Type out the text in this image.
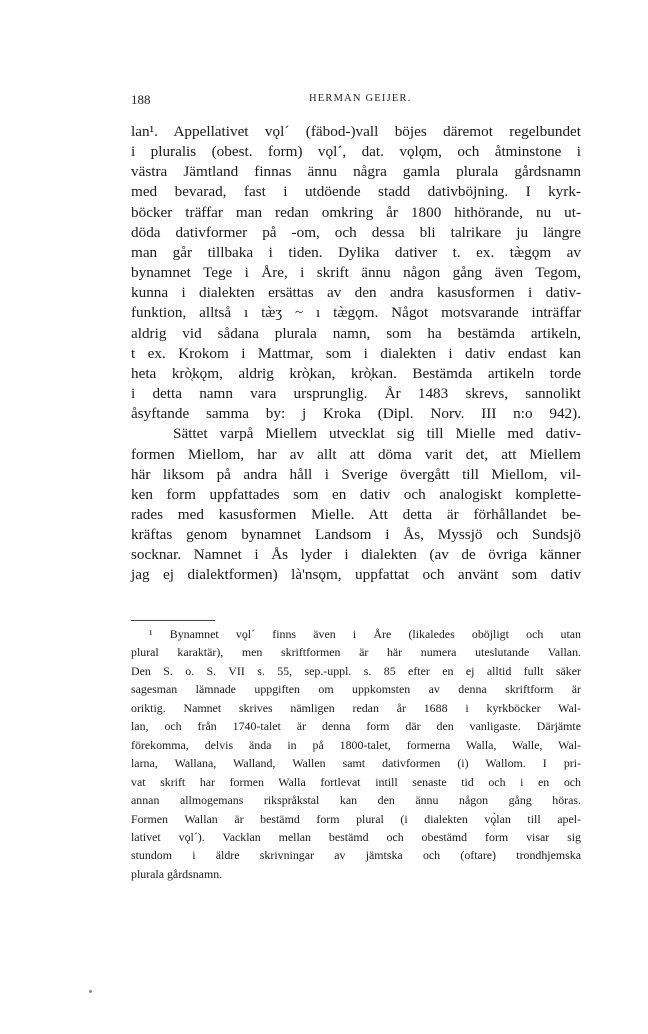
188	HERMAN GEIJER.
lan¹. Appellativet vǫl´ (fäbod-)vall böjes däremot regelbundet
i pluralis (obest. form) vǫl´, dat. vǫlǫm, och åtminstone i
västra Jämtland finnas ännu några gamla plurala gårdsnamn
med bevarad, fast i utdöende stadd dativböjning. I kyrk-
böcker träffar man redan omkring år 1800 hithörande, nu ut-
döda dativformer på -om, och dessa bli talrikare ju längre
man går tillbaka i tiden. Dylika dativer t. ex. tæ̀gǫm av
bynamnet Tege i Åre, i skrift ännu någon gång även Tegom,
kunna i dialekten ersättas av den andra kasusformen i dativ-
funktion, alltså ı tæ̀ʒ ~ ı tæ̀gǫm. Något motsvarande inträffar
aldrig vid sådana plurala namn, som ha bestämda artikeln,
t ex. Krokom i Mattmar, som i dialekten i dativ endast kan
heta krò̜kǫm, aldrig krò̜kan, krò̜kan. Bestämda artikeln torde
i detta namn vara ursprunglig. År 1483 skrevs, sannolikt
åsyftande samma by: j Kroka (Dipl. Norv. III n:o 942).
Sättet varpå Miellem utvecklat sig till Mielle med dativ-
formen Miellom, har av allt att döma varit det, att Miellem
här liksom på andra håll i Sverige övergått till Miellom, vil-
ken form uppfattades som en dativ och analogiskt komplette-
rades med kasusformen Mielle. Att detta är förhållandet be-
kräftas genom bynamnet Landsom i Ås, Myssjö och Sundsjö
socknar. Namnet i Ås lyder i dialekten (av de övriga känner
jag ej dialektformen) là'nsǫm, uppfattat och använt som dativ
¹ Bynamnet vǫl´ finns även i Åre (likaledes oböjligt och utan
plural karaktär), men skriftformen är här numera uteslutande Vallan.
Den S. o. S. VII s. 55, sep.-uppl. s. 85 efter en ej alltid fullt säker
sagesman lämnade uppgiften om uppkomsten av denna skriftform är
oriktig. Namnet skrives nämligen redan år 1688 i kyrkböcker Wal-
lan, och från 1740-talet är denna form där den vanligaste. Därjämte
förekomma, delvis ända in på 1800-talet, formerna Walla, Walle, Wal-
larna, Wallana, Walland, Wallen samt dativformen (i) Wallom. I pri-
vat skrift har formen Walla fortlevat intill senaste tid och i en och
annan allmogemans rikspråkstal kan den ännu någon gång höras.
Formen Wallan är bestämd form plural (i dialekten vǫ̀lan till apel-
lativet vǫl´). Vacklan mellan bestämd och obestämd form visar sig
stundom i äldre skrivningar av jämtska och (oftare) trondhjemska
plurala gårdsnamn.
